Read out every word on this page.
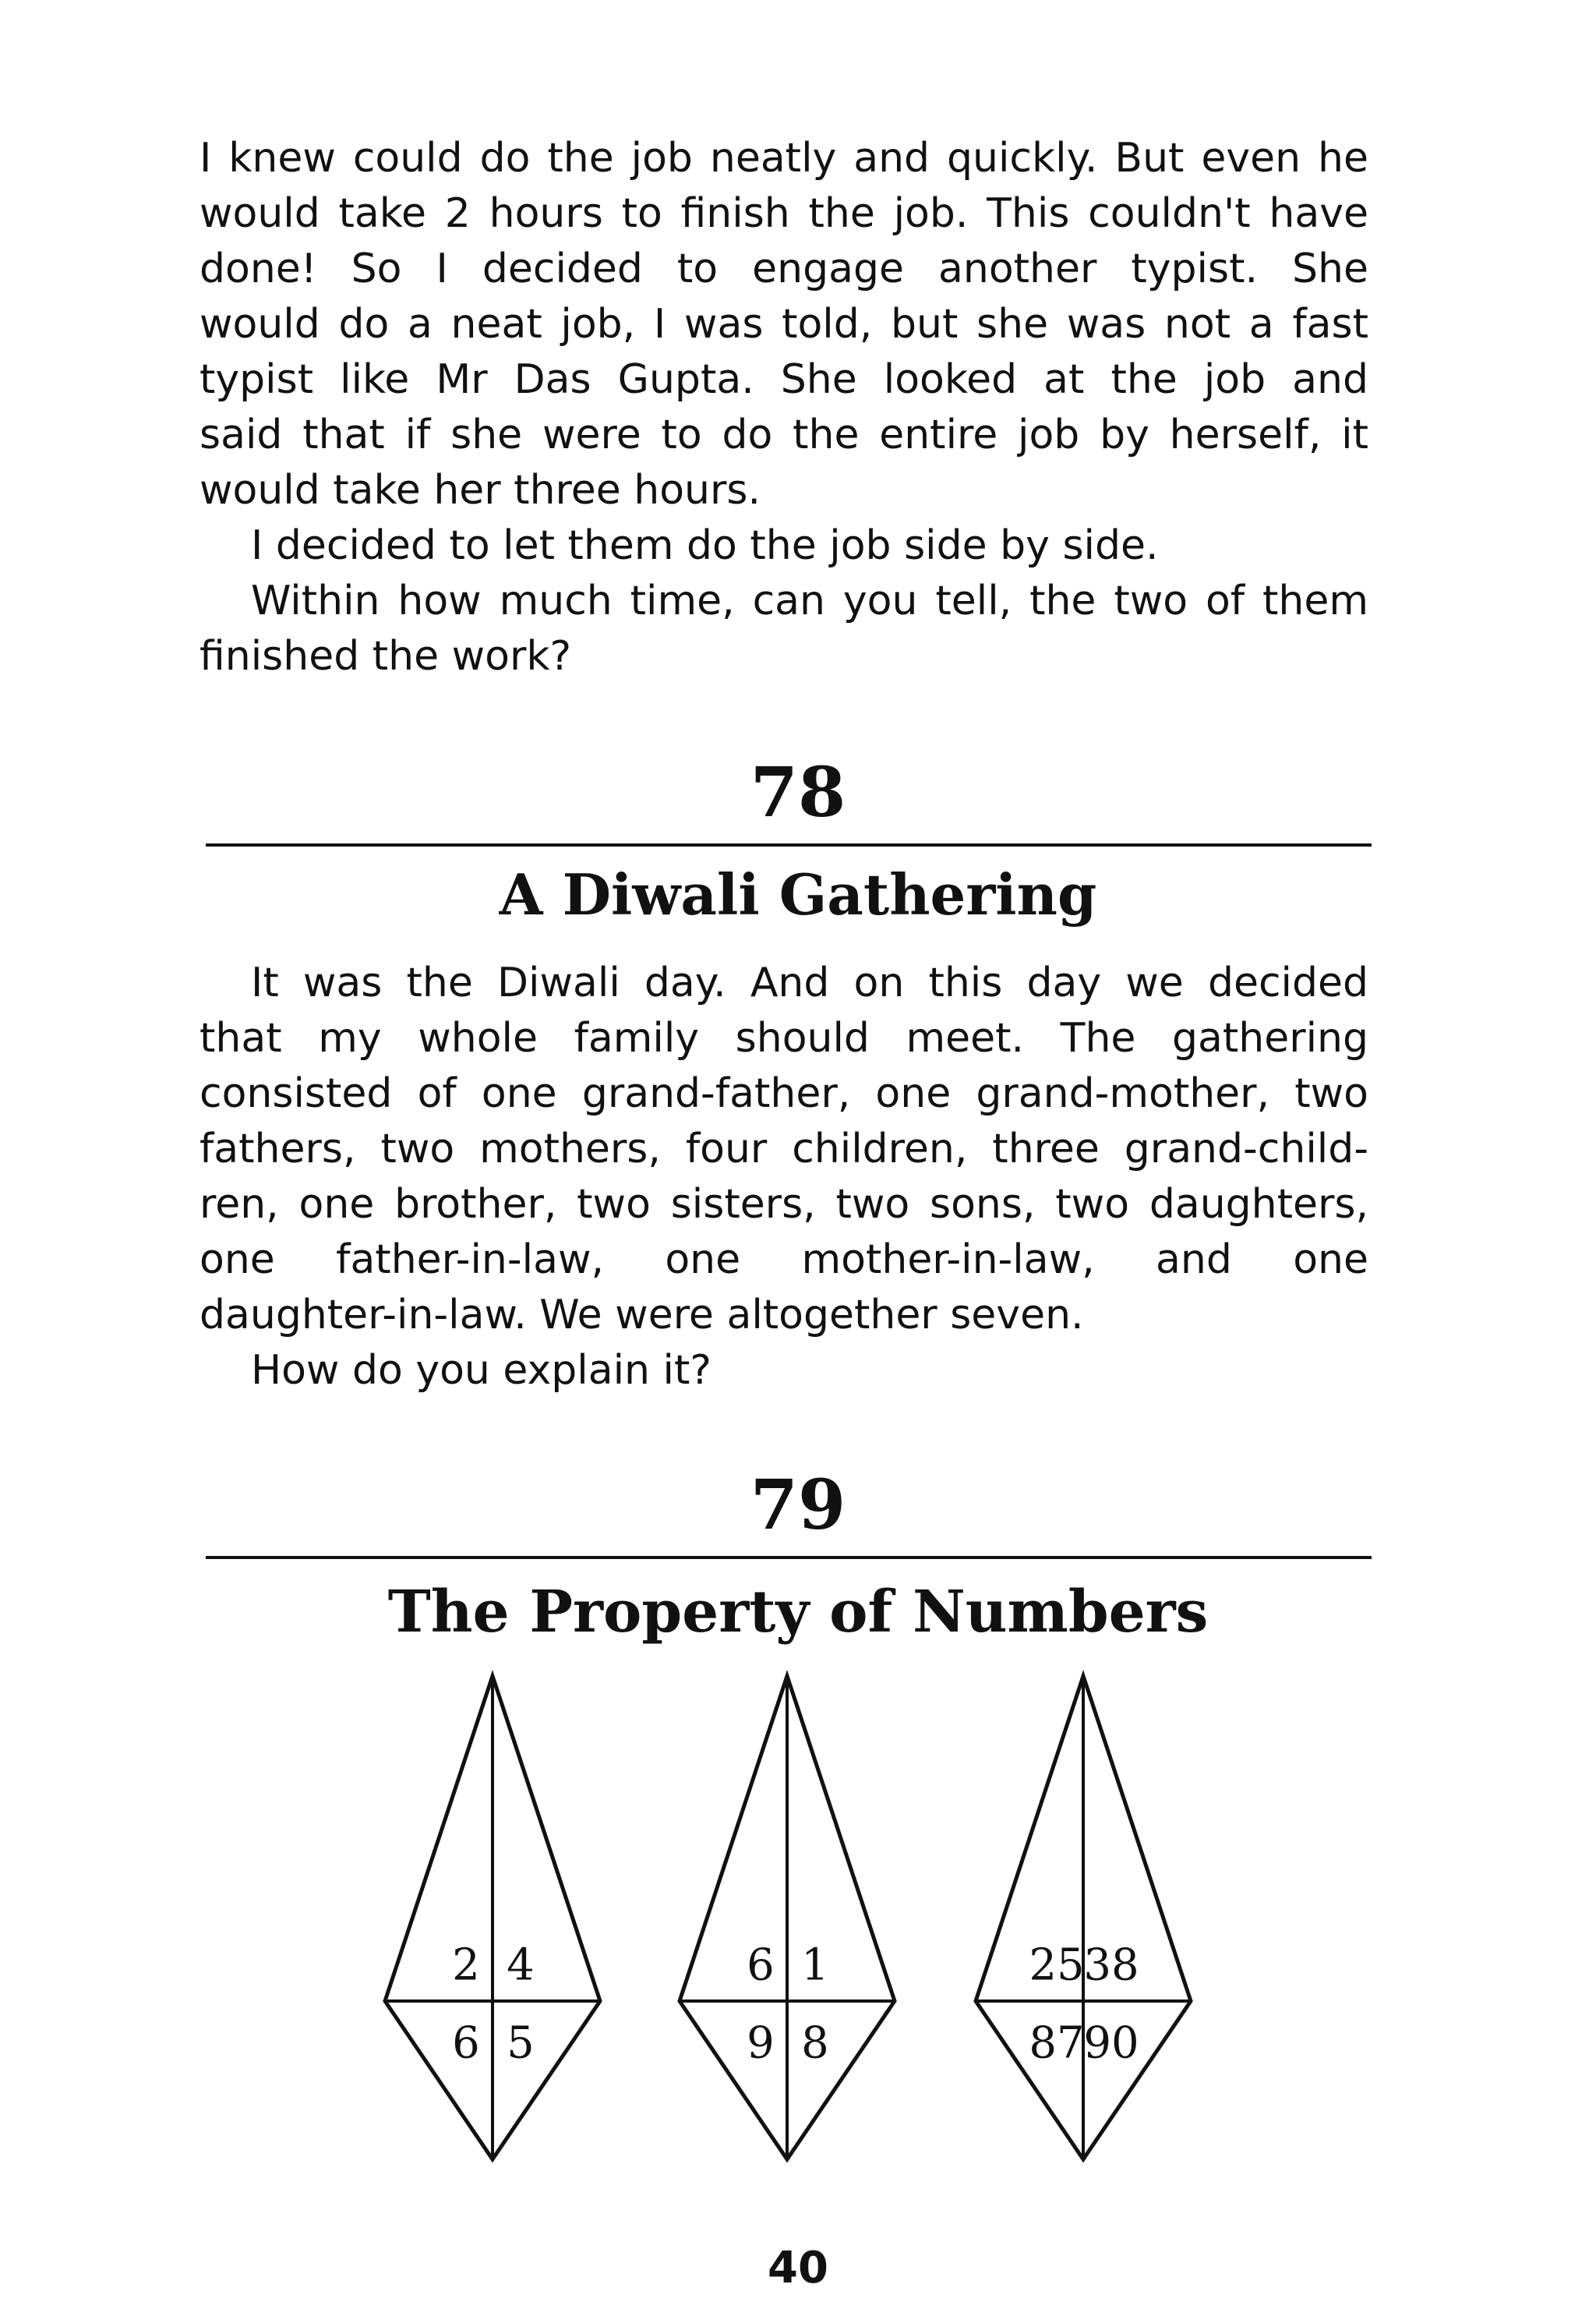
I knew could do the job neatly and quickly. But even he
would take 2 hours to finish the job. This couldn't have
done! So I decided to engage another typist. She
would do a neat job, I was told, but she was not a fast
typist like Mr Das Gupta. She looked at the job and
said that if she were to do the entire job by herself, it
would take her three hours.
I decided to let them do the job side by side.
Within how much time, can you tell, the two of them
finished the work?
78
A Diwali Gathering
It was the Diwali day. And on this day we decided
that my whole family should meet. The gathering
consisted of one grand-father, one grand-mother, two
fathers, two mothers, four children, three grand-child-
ren, one brother, two sisters, two sons, two daughters,
one father-in-law, one mother-in-law, and one
daughter-in-law. We were altogether seven.
How do you explain it?
79
The Property of Numbers
2 4
6 5
6 1
9 8
25
38
87
90
40
